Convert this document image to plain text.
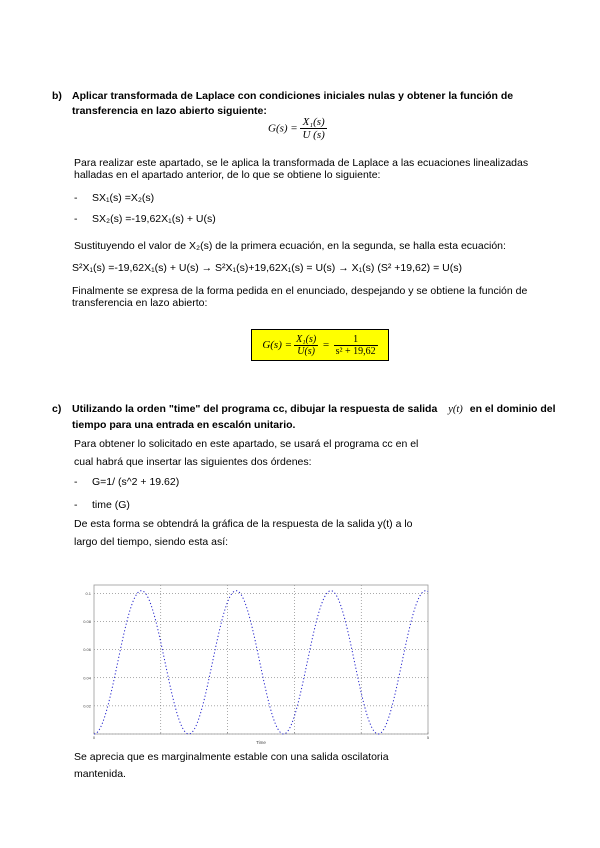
b) Aplicar transformada de Laplace con condiciones iniciales nulas y obtener la función de
transferencia en lazo abierto siguiente:
$G(s) = \frac{\text{X₁(s)}}{U (s)}$
Para realizar este apartado, se le aplica la transformada de Laplace a las ecuaciones linealizadas
halladas en el apartado anterior, de lo que se obtiene lo siguiente:
- SX₁(s) =X₂(s)
- SX₂(s) =-19,62X₁(s) + U(s)
Sustituyendo el valor de X₂(s) de la primera ecuación, en la segunda, se halla esta ecuación:
S²X₁(s) =-19,62X₁(s) + U(s) → S²X₁(s)+19,62X₁(s) = U(s) → X₁(s) (S² +19,62) = U(s)
Finalmente se expresa de la forma pedida en el enunciado, despejando y se obtiene la función de
transferencia en lazo abierto:
$G(s) = \frac{\text{X₁(s)}}{U(s)} = \frac{1}{\text{s² + 19,62}}$
c) Utilizando la orden "time" del programa cc, dibujar la respuesta de salida y(t) en el dominio del
tiempo para una entrada en escalón unitario.
Para obtener lo solicitado en este apartado, se usará el programa cc en el
cual habrá que insertar las siguientes dos órdenes:
- G=1/ (s^2 + 19.62)
- time (G)
De esta forma se obtendrá la gráfica de la respuesta de la salida y(t) a lo
largo del tiempo, siendo esta así:
0.1
0.08
0.06
0.04
0.02
0	5
Time
Se aprecia que es marginalmente estable con una salida oscilatoria
mantenida.
